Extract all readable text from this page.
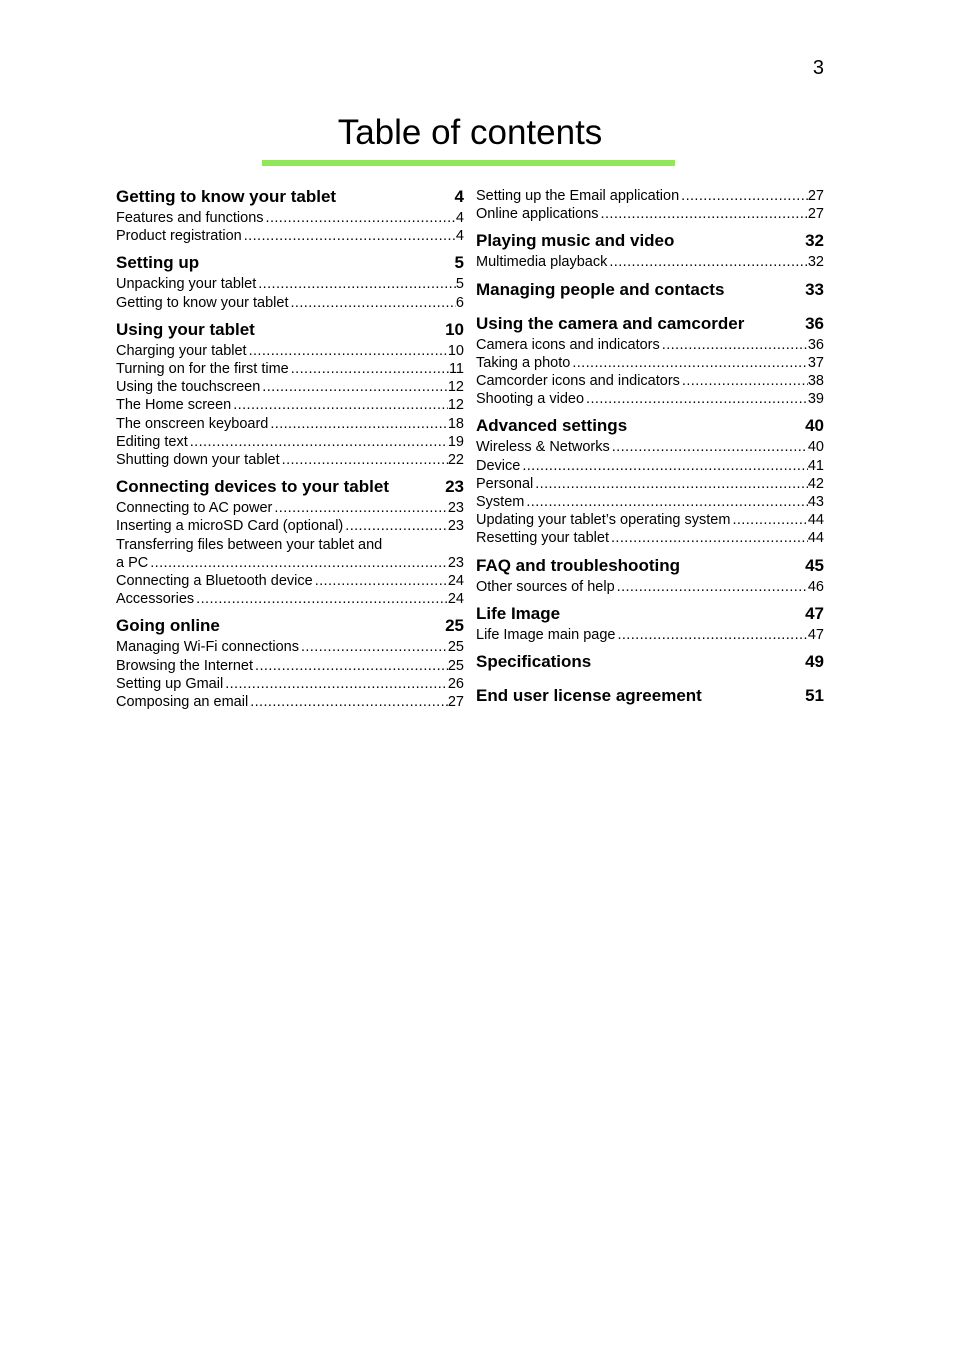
3
Table of contents
Getting to know your tablet	4
Features and functions .....	4
Product registration .....	4
Setting up	5
Unpacking your tablet .....	5
Getting to know your tablet .....	6
Using your tablet	10
Charging your tablet .....	10
Turning on for the first time .....	11
Using the touchscreen .....	12
The Home screen .....	12
The onscreen keyboard .....	18
Editing text .....	19
Shutting down your tablet .....	22
Connecting devices to your tablet	23
Connecting to AC power .....	23
Inserting a microSD Card (optional) .....	23
Transferring files between your tablet and
a PC .....	23
Connecting a Bluetooth device .....	24
Accessories .....	24
Going online	25
Managing Wi-Fi connections .....	25
Browsing the Internet .....	25
Setting up Gmail .....	26
Composing an email .....	27
Setting up the Email application .....	27
Online applications .....	27
Playing music and video	32
Multimedia playback .....	32
Managing people and contacts	33
Using the camera and camcorder	36
Camera icons and indicators .....	36
Taking a photo .....	37
Camcorder icons and indicators .....	38
Shooting a video .....	39
Advanced settings	40
Wireless & Networks .....	40
Device .....	41
Personal .....	42
System .....	43
Updating your tablet’s operating system .....	44
Resetting your tablet .....	44
FAQ and troubleshooting	45
Other sources of help .....	46
Life Image	47
Life Image main page .....	47
Specifications	49
End user license agreement	51
